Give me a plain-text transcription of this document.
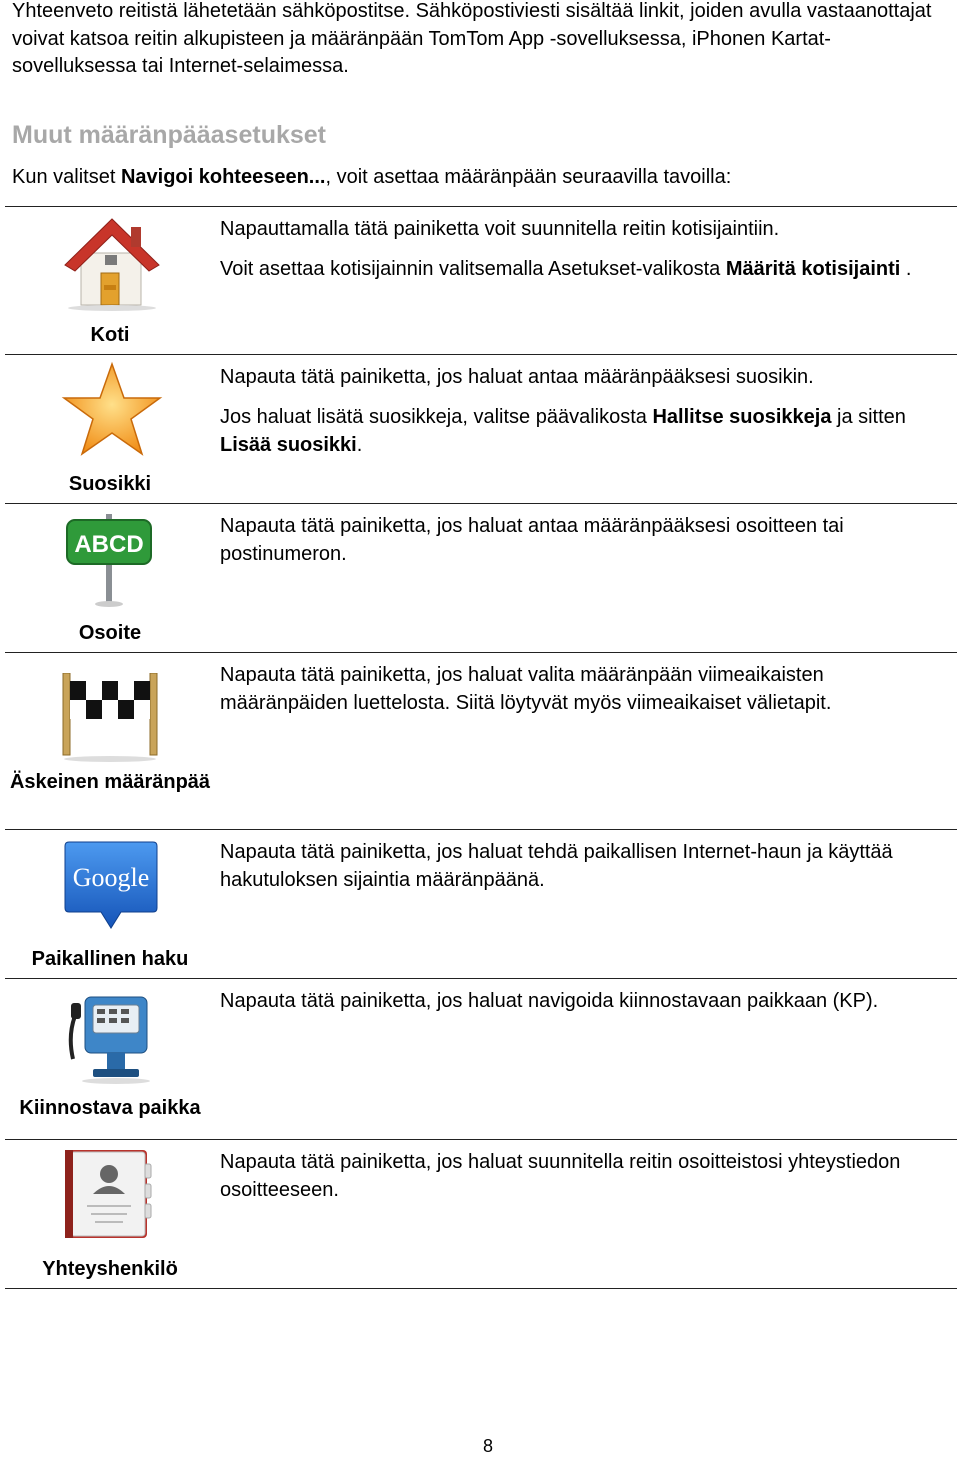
Yhteenveto reitistä lähetetään sähköpostitse. Sähköpostiviesti sisältää linkit, joiden avulla vastaanottajat voivat katsoa reitin alkupisteen ja määränpään TomTom App -sovelluksessa, iPhonen Kartat-sovelluksessa tai Internet-selaimessa.
Muut määränpääasetukset
Kun valitset Navigoi kohteeseen..., voit asettaa määränpään seuraavilla tavoilla:
Koti

Napauttamalla tätä painiketta voit suunnitella reitin kotisijaintiin.

Voit asettaa kotisijainnin valitsemalla Asetukset-valikosta Määritä kotisijainti .

Suosikki

Napauta tätä painiketta, jos haluat antaa määränpääksesi suosikin.

Jos haluat lisätä suosikkeja, valitse päävalikosta Hallitse suosikkeja ja sitten Lisää suosikki.

ABCD
Osoite

Napauta tätä painiketta, jos haluat antaa määränpääksesi osoitteen tai postinumeron.

Äskeinen määränpää

Napauta tätä painiketta, jos haluat valita määränpään viimeaikaisten määränpäiden luettelosta. Siitä löytyvät myös viimeaikaiset välietapit.

Google
Paikallinen haku

Napauta tätä painiketta, jos haluat tehdä paikallisen Internet-haun ja käyttää hakutuloksen sijaintia määränpäänä.

Kiinnostava paikka

Napauta tätä painiketta, jos haluat navigoida kiinnostavaan paikkaan (KP).

Yhteyshenkilö

Napauta tätä painiketta, jos haluat suunnitella reitin osoitteistosi yhteystiedon osoitteeseen.

8
